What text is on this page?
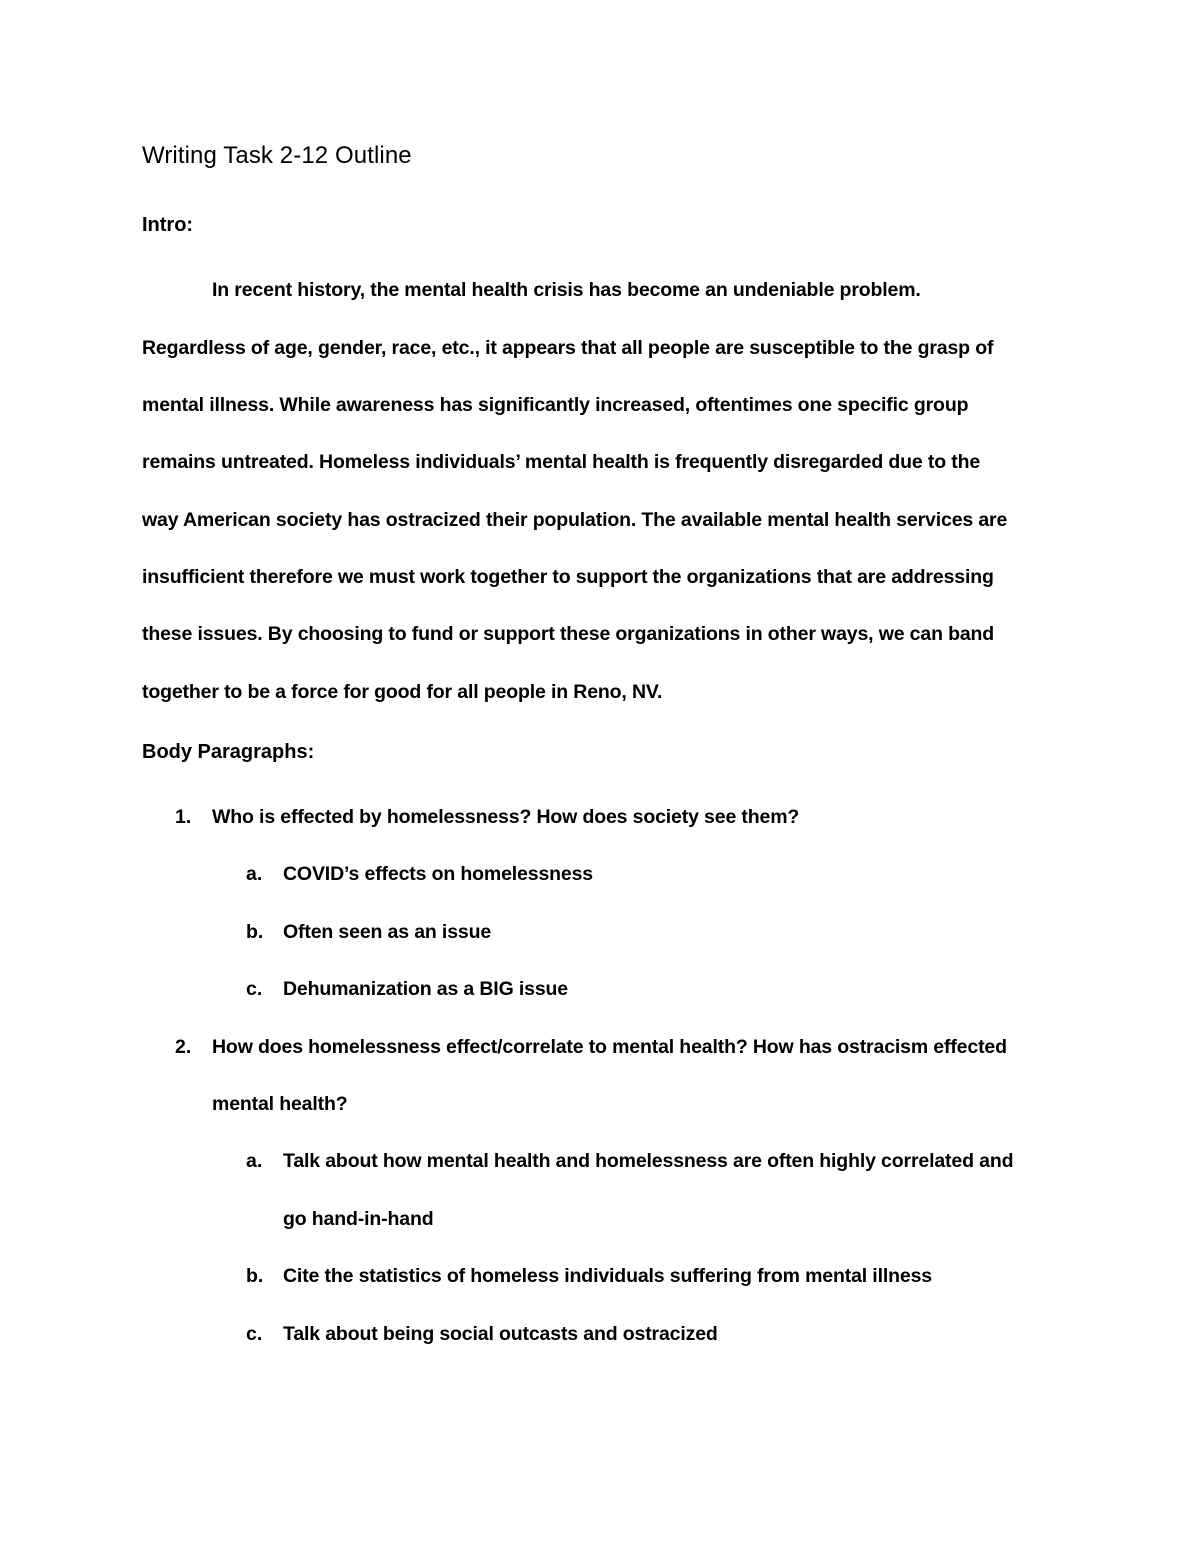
Writing Task 2-12 Outline
Intro:
In recent history, the mental health crisis has become an undeniable problem.
Regardless of age, gender, race, etc., it appears that all people are susceptible to the grasp of
mental illness. While awareness has significantly increased, oftentimes one specific group
remains untreated. Homeless individuals’ mental health is frequently disregarded due to the
way American society has ostracized their population. The available mental health services are
insufficient therefore we must work together to support the organizations that are addressing
these issues. By choosing to fund or support these organizations in other ways, we can band
together to be a force for good for all people in Reno, NV.
Body Paragraphs:
1. Who is effected by homelessness? How does society see them?
a. COVID’s effects on homelessness
b. Often seen as an issue
c. Dehumanization as a BIG issue
2. How does homelessness effect/correlate to mental health? How has ostracism effected
mental health?
a. Talk about how mental health and homelessness are often highly correlated and
go hand-in-hand
b. Cite the statistics of homeless individuals suffering from mental illness
c. Talk about being social outcasts and ostracized
